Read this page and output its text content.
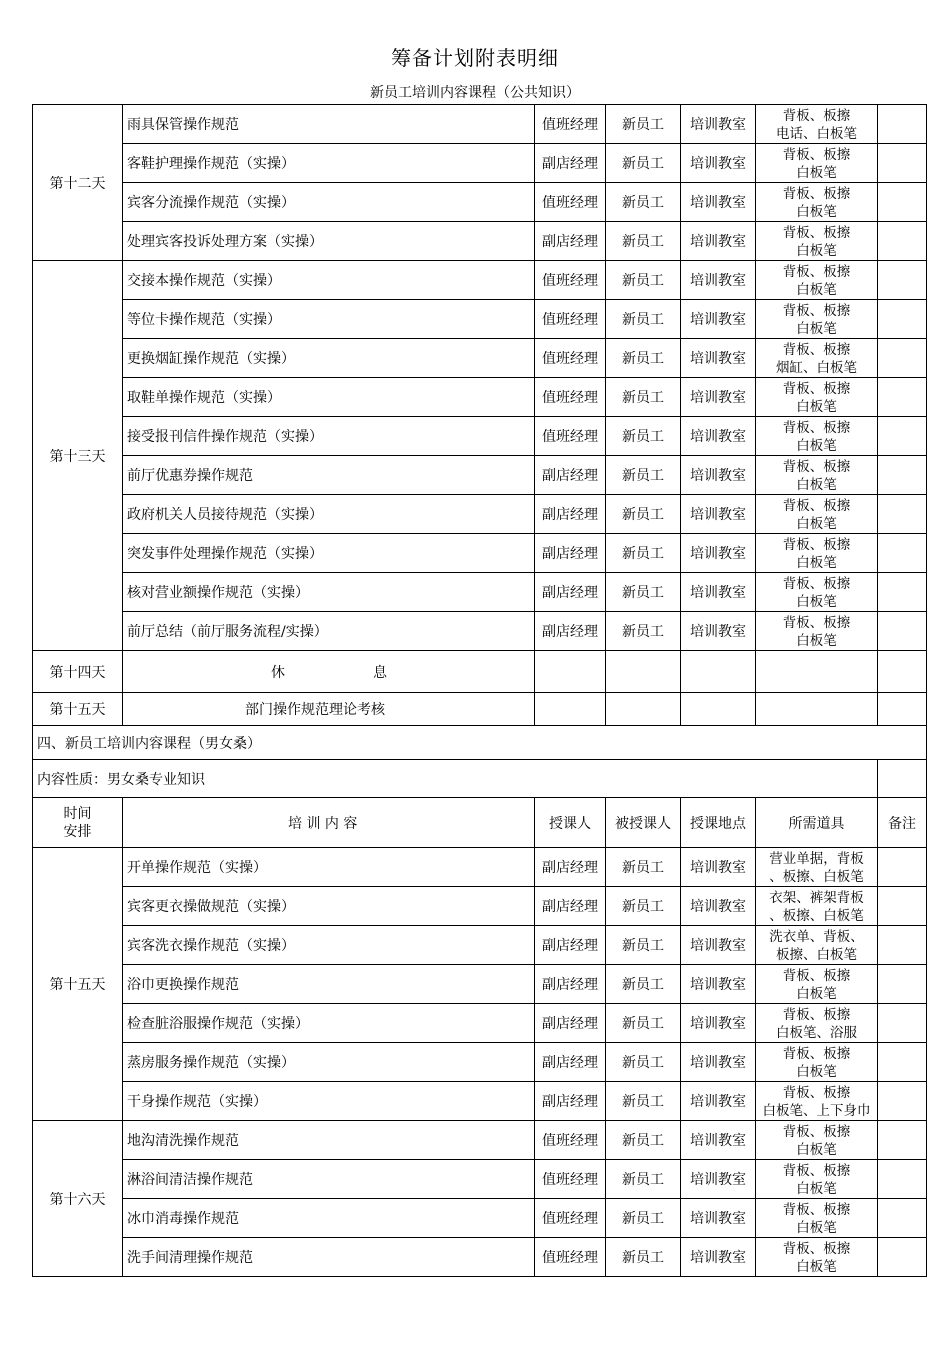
筹备计划附表明细
新员工培训内容课程（公共知识）
第十二天	雨具保管操作规范	值班经理	新员工	培训教室	背板、板擦
电话、白板笔	

	客鞋护理操作规范（实操）	副店经理	新员工	培训教室	背板、板擦
白板笔	

	宾客分流操作规范（实操）	值班经理	新员工	培训教室	背板、板擦
白板笔	

	处理宾客投诉处理方案（实操）	副店经理	新员工	培训教室	背板、板擦
白板笔	

第十三天	交接本操作规范（实操）	值班经理	新员工	培训教室	背板、板擦
白板笔	

	等位卡操作规范（实操）	值班经理	新员工	培训教室	背板、板擦
白板笔	

	更换烟缸操作规范（实操）	值班经理	新员工	培训教室	背板、板擦
烟缸、白板笔	

	取鞋单操作规范（实操）	值班经理	新员工	培训教室	背板、板擦
白板笔	

	接受报刊信件操作规范（实操）	值班经理	新员工	培训教室	背板、板擦
白板笔	

	前厅优惠券操作规范	副店经理	新员工	培训教室	背板、板擦
白板笔	

	政府机关人员接待规范（实操）	副店经理	新员工	培训教室	背板、板擦
白板笔	

	突发事件处理操作规范（实操）	副店经理	新员工	培训教室	背板、板擦
白板笔	

	核对营业额操作规范（实操）	副店经理	新员工	培训教室	背板、板擦
白板笔	

	前厅总结（前厅服务流程/实操）	副店经理	新员工	培训教室	背板、板擦
白板笔	

第十四天	休 息					
第十五天	部门操作规范理论考核					
四、新员工培训内容课程（男女桑）						
内容性质：男女桑专业知识						

时间
安排	培 训 内 容	授课人	被授课人	授课地点	所需道具	备注
第十五天	开单操作规范（实操）	副店经理	新员工	培训教室	营业单据，背板
、板擦、白板笔	

	宾客更衣操做规范（实操）	副店经理	新员工	培训教室	衣架、裤架背板
、板擦、白板笔	

	宾客洗衣操作规范（实操）	副店经理	新员工	培训教室	洗衣单、背板、
板擦、白板笔	

	浴巾更换操作规范	副店经理	新员工	培训教室	背板、板擦
白板笔	

	检查脏浴服操作规范（实操）	副店经理	新员工	培训教室	背板、板擦
白板笔、浴服	

	蒸房服务操作规范（实操）	副店经理	新员工	培训教室	背板、板擦
白板笔	

	干身操作规范（实操）	副店经理	新员工	培训教室	背板、板擦
白板笔、上下身巾	

第十六天	地沟清洗操作规范	值班经理	新员工	培训教室	背板、板擦
白板笔	

	淋浴间清洁操作规范	值班经理	新员工	培训教室	背板、板擦
白板笔	

	冰巾消毒操作规范	值班经理	新员工	培训教室	背板、板擦
白板笔	

	洗手间清理操作规范	值班经理	新员工	培训教室	背板、板擦
白板笔	
